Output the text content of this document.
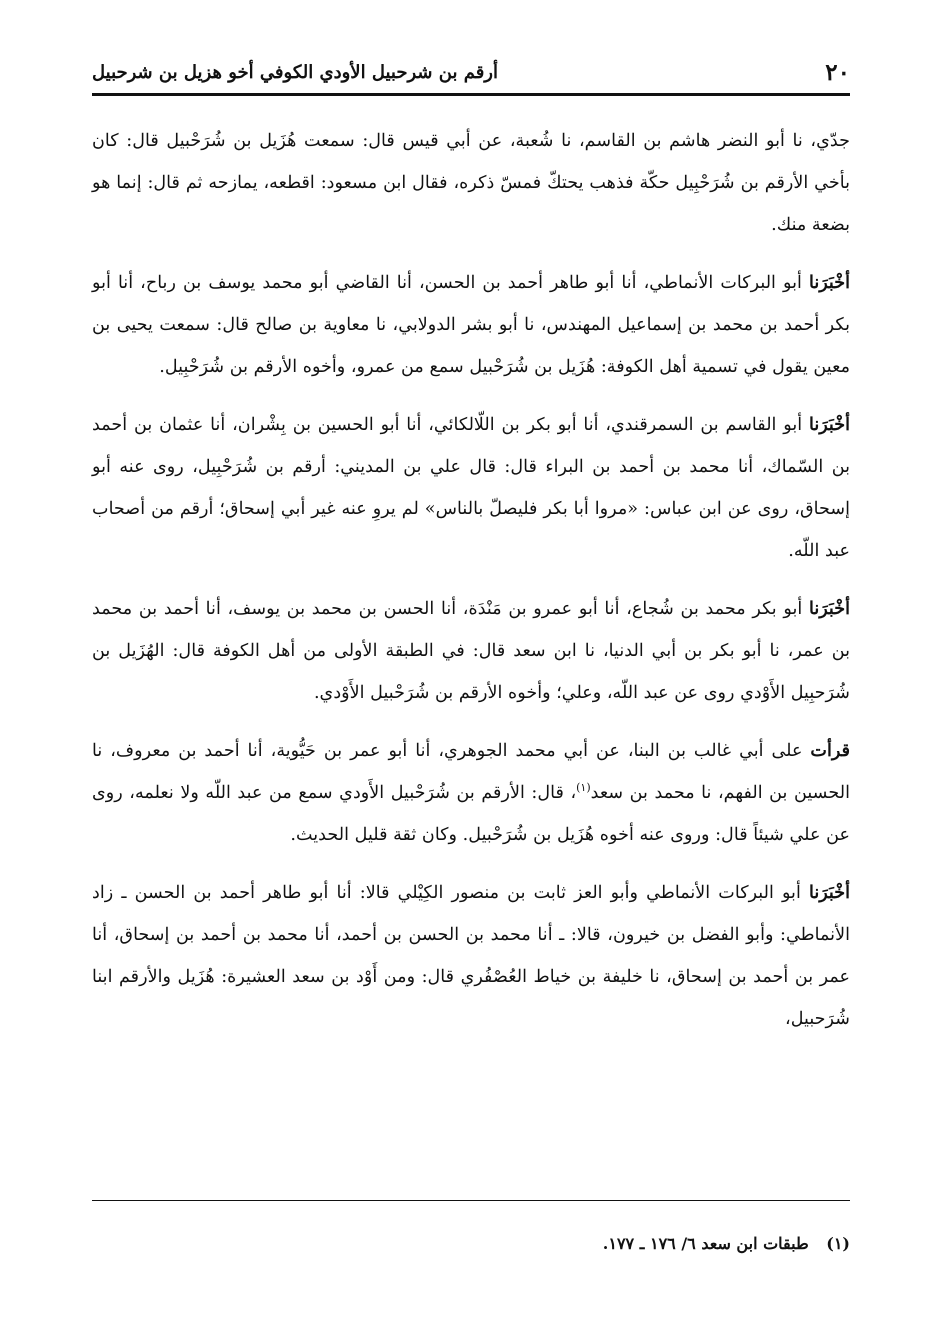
٢٠
أرقم بن شرحبيل الأودي الكوفي أخو هزيل بن شرحبيل

جدّي، نا أبو النضر هاشم بن القاسم، نا شُعبة، عن أبي قيس قال: سمعت هُزَيل بن شُرَحْبيل قال: كان بأخي الأرقم بن شُرَحْبِيل حكّة فذهب يحتكّ فمسّ ذكره، فقال ابن مسعود: اقطعه، يمازحه ثم قال: إنما هو بضعة منك.

أخْبَرَنا أبو البركات الأنماطي، أنا أبو طاهر أحمد بن الحسن، أنا القاضي أبو محمد يوسف بن رباح، أنا أبو بكر أحمد بن محمد بن إسماعيل المهندس، نا أبو بشر الدولابي، نا معاوية بن صالح قال: سمعت يحيى بن معين يقول في تسمية أهل الكوفة: هُزَيل بن شُرَحْبيل سمع من عمرو، وأخوه الأرقم بن شُرَحْبِيل.

أخْبَرَنا أبو القاسم بن السمرقندي، أنا أبو بكر بن اللّالكائي، أنا أبو الحسين بن بِشْران، أنا عثمان بن أحمد بن السّماك، أنا محمد بن أحمد بن البراء قال: قال علي بن المديني: أرقم بن شُرَحْبِيل، روى عنه أبو إسحاق، روى عن ابن عباس: «مروا أبا بكر فليصلّ بالناس» لم يروِ عنه غير أبي إسحاق؛ أرقم من أصحاب عبد اللّه.

أخْبَرَنا أبو بكر محمد بن شُجاع، أنا أبو عمرو بن مَنْدَة، أنا الحسن بن محمد بن يوسف، أنا أحمد بن محمد بن عمر، نا أبو بكر بن أبي الدنيا، نا ابن سعد قال: في الطبقة الأولى من أهل الكوفة قال: الهُزَيل بن شُرَحبِيل الأَوْدي روى عن عبد اللّه، وعلي؛ وأخوه الأرقم بن شُرَحْبيل الأَوْدي.

قرأت على أبي غالب بن البنا، عن أبي محمد الجوهري، أنا أبو عمر بن حَيُّوية، أنا أحمد بن معروف، نا الحسين بن الفهم، نا محمد بن سعد$^{(١)}$، قال: الأرقم بن شُرَحْبيل الأَودي سمع من عبد اللّه ولا نعلمه، روى عن علي شيئاً قال: وروى عنه أخوه هُزَيل بن شُرَحْبيل. وكان ثقة قليل الحديث.

أخْبَرَنا أبو البركات الأنماطي وأبو العز ثابت بن منصور الكِيْلي قالا: أنا أبو طاهر أحمد بن الحسن ـ زاد الأنماطي: وأبو الفضل بن خيرون، قالا: ـ أنا محمد بن الحسن بن أحمد، أنا محمد بن أحمد بن إسحاق، أنا عمر بن أحمد بن إسحاق، نا خليفة بن خياط العُصْفُري قال: ومن أَوْد بن سعد العشيرة: هُزَيل والأرقم ابنا شُرَحبيل،

(١) طبقات ابن سعد ٦/ ١٧٦ ـ ١٧٧.
